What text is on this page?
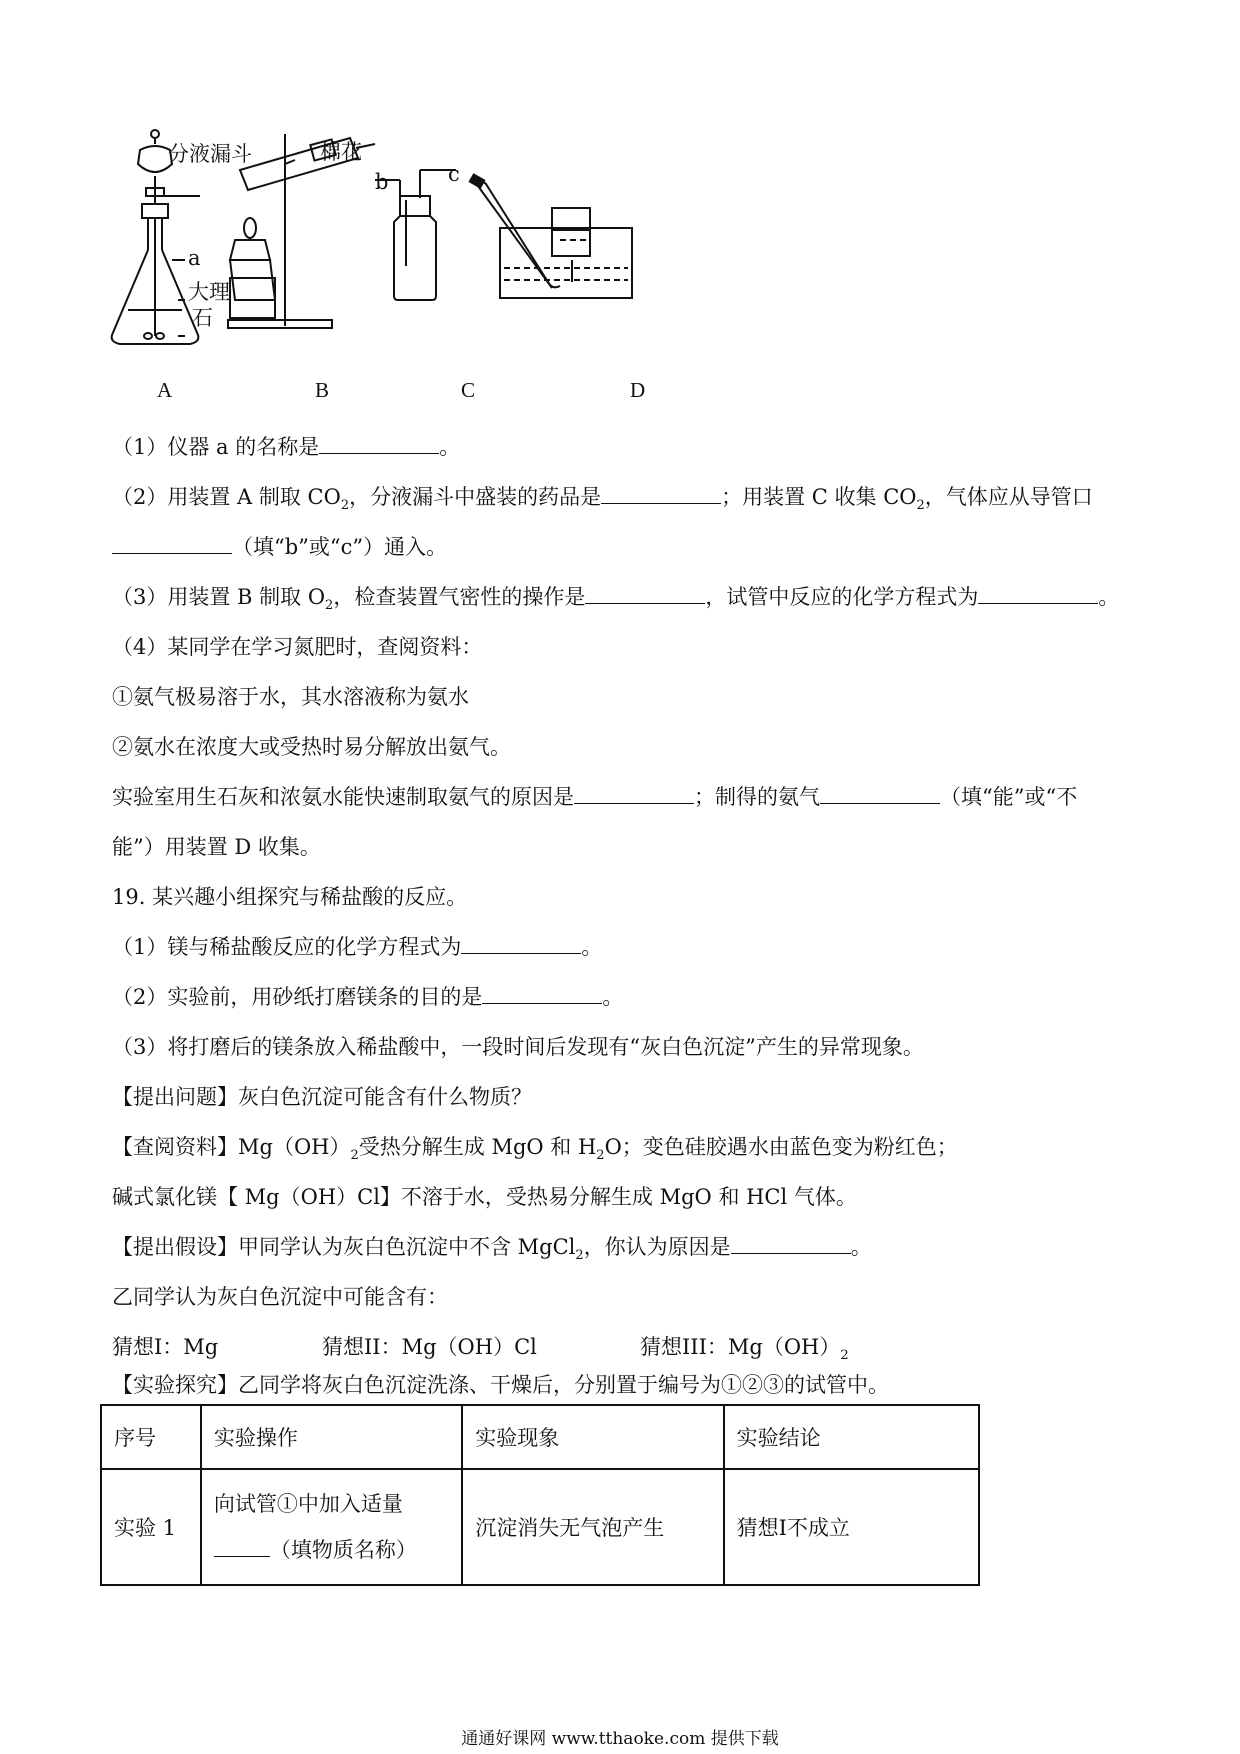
分液漏斗	棉花
a
大理
石
b	c
A	B	C	D
（1）仪器 a 的名称是	。
（2）用装置 A 制取 $CO_2$，分液漏斗中盛装的药品是	；用装置 C 收集 $CO_2$，气体应从导管口
（填“b”或“c”）通入。
（3）用装置 B 制取 $O_2$，检查装置气密性的操作是	，试管中反应的化学方程式为	。
（4）某同学在学习氮肥时，查阅资料：
①氨气极易溶于水，其水溶液称为氨水
②氨水在浓度大或受热时易分解放出氨气。
实验室用生石灰和浓氨水能快速制取氨气的原因是	；制得的氨气	（填“能”或“不
能”）用装置 D 收集。
19. 某兴趣小组探究与稀盐酸的反应。
（1）镁与稀盐酸反应的化学方程式为	。
（2）实验前，用砂纸打磨镁条的目的是	。
（3）将打磨后的镁条放入稀盐酸中，一段时间后发现有“灰白色沉淀”产生的异常现象。
【提出问题】灰白色沉淀可能含有什么物质？
【查阅资料】$Mg(OH)_2$受热分解生成 MgO 和 $H_2O$；变色硅胶遇水由蓝色变为粉红色；
碱式氯化镁【 Mg（OH）Cl】不溶于水，受热易分解生成 MgO 和 HCl 气体。
【提出假设】甲同学认为灰白色沉淀中不含 MgCl$_2$，你认为原因是	。
乙同学认为灰白色沉淀中可能含有：
猜想I：Mg	猜想II：Mg（OH）Cl	猜想III：$Mg(OH)_2$
【实验探究】乙同学将灰白色沉淀洗涤、干燥后，分别置于编号为①②③的试管中。
序号	实验操作	实验现象	实验结论
实验 1	向试管①中加入适量
（填物质名称）	沉淀消失无气泡产生	猜想I不成立
通通好课网 www.tthaoke.com 提供下载
